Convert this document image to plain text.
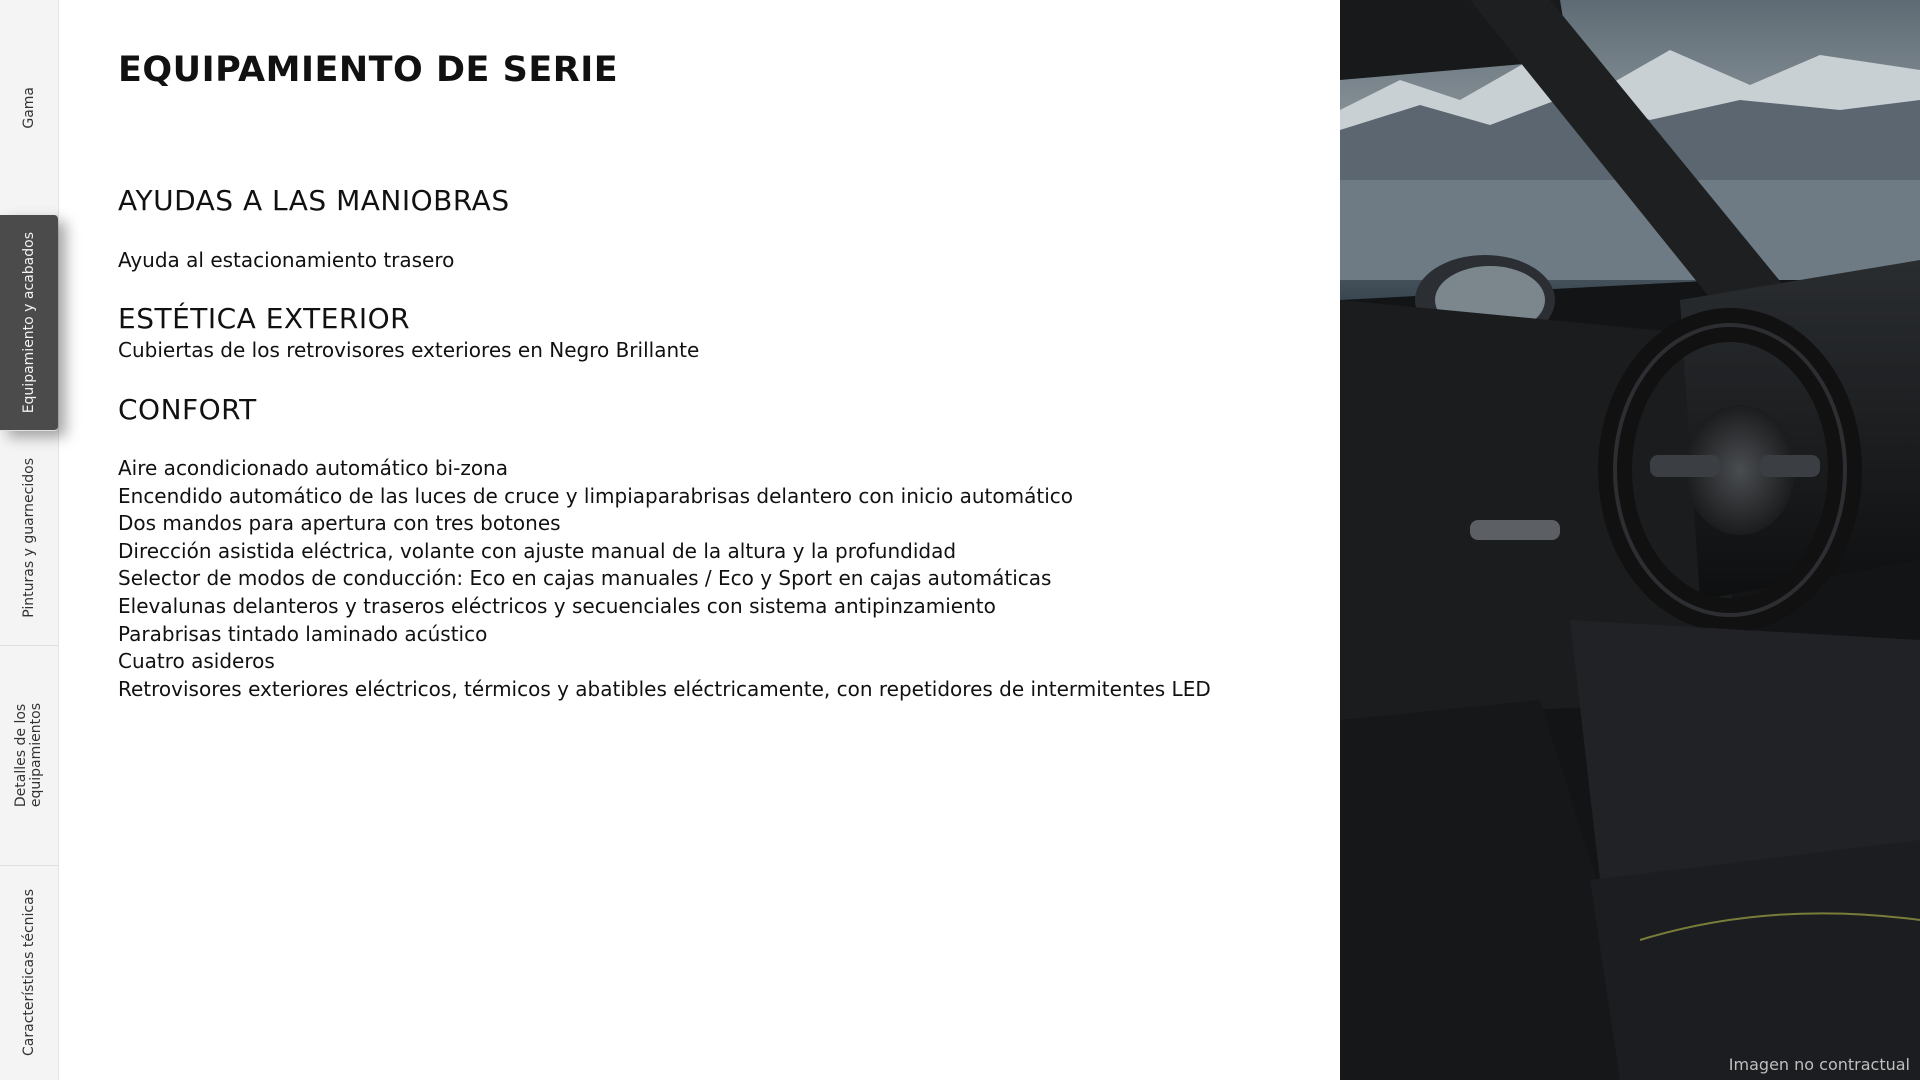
Gama
Equipamiento y acabados
Pinturas y guarnecidos
Detalles de los
equipamientos
Características técnicas
EQUIPAMIENTO DE SERIE
AYUDAS A LAS MANIOBRAS
Ayuda al estacionamiento trasero
ESTÉTICA EXTERIOR
Cubiertas de los retrovisores exteriores en Negro Brillante
CONFORT
Aire acondicionado automático bi-zona
Encendido automático de las luces de cruce y limpiaparabrisas delantero con inicio automático
Dos mandos para apertura con tres botones
Dirección asistida eléctrica, volante con ajuste manual de la altura y la profundidad
Selector de modos de conducción: Eco en cajas manuales / Eco y Sport en cajas automáticas
Elevalunas delanteros y traseros eléctricos y secuenciales con sistema antipinzamiento
Parabrisas tintado laminado acústico
Cuatro asideros
Retrovisores exteriores eléctricos, térmicos y abatibles eléctricamente, con repetidores de intermitentes LED
Imagen no contractual
